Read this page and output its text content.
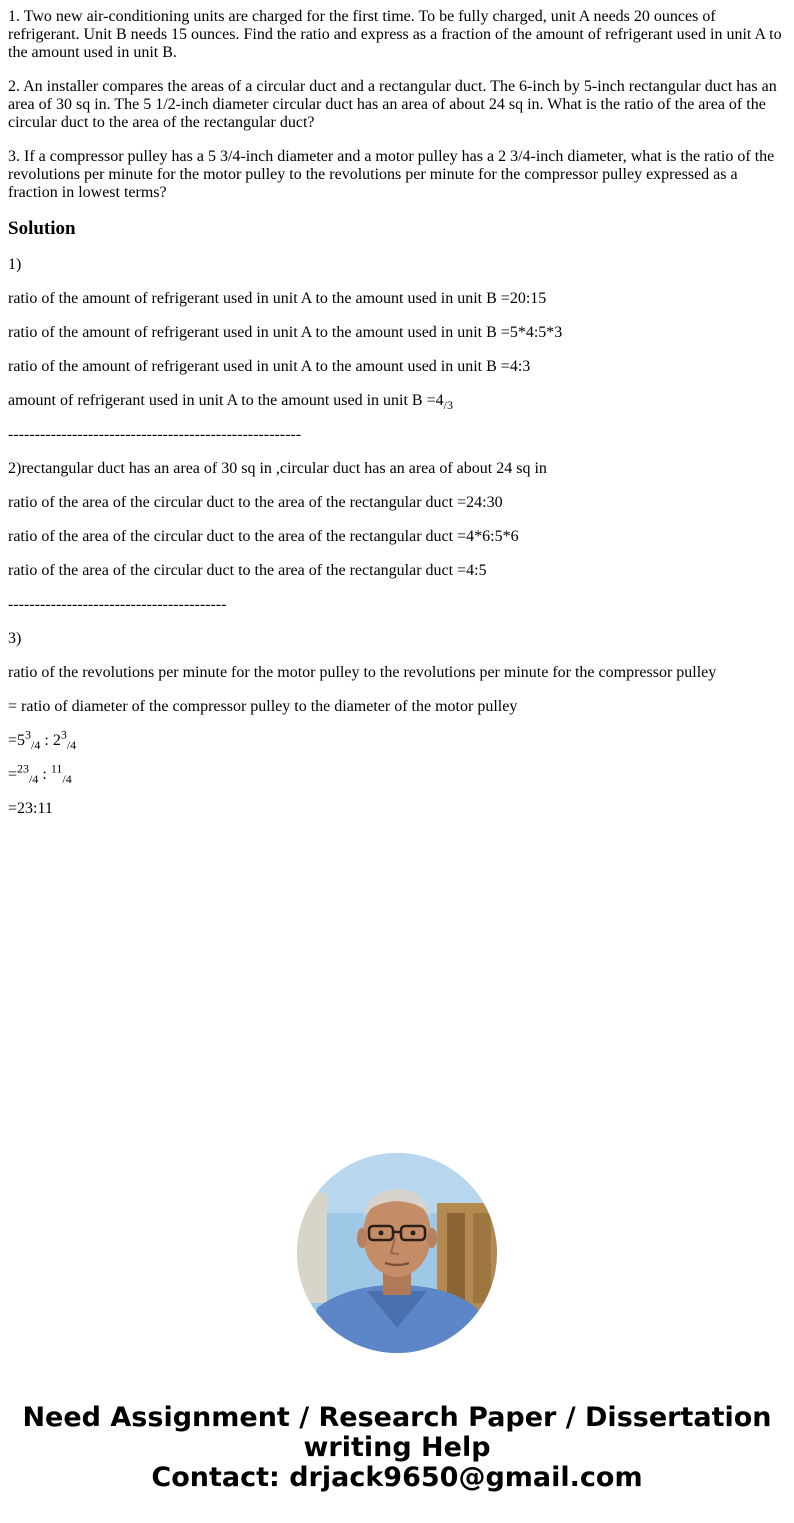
1. Two new air-conditioning units are charged for the first time. To be fully charged, unit A needs 20 ounces of refrigerant. Unit B needs 15 ounces. Find the ratio and express as a fraction of the amount of refrigerant used in unit A to the amount used in unit B.

2. An installer compares the areas of a circular duct and a rectangular duct. The 6-inch by 5-inch rectangular duct has an area of 30 sq in. The 5 1/2-inch diameter circular duct has an area of about 24 sq in. What is the ratio of the area of the circular duct to the area of the rectangular duct?

3. If a compressor pulley has a 5 3/4-inch diameter and a motor pulley has a 2 3/4-inch diameter, what is the ratio of the revolutions per minute for the motor pulley to the revolutions per minute for the compressor pulley expressed as a fraction in lowest terms?

Solution

1)

ratio of the amount of refrigerant used in unit A to the amount used in unit B =20:15

ratio of the amount of refrigerant used in unit A to the amount used in unit B =5*4:5*3

ratio of the amount of refrigerant used in unit A to the amount used in unit B =4:3

amount of refrigerant used in unit A to the amount used in unit $B =4_{/3}$

-------------------------------------------------------

2)rectangular duct has an area of 30 sq in ,circular duct has an area of about 24 sq in

ratio of the area of the circular duct to the area of the rectangular duct =24:30

ratio of the area of the circular duct to the area of the rectangular duct =4*6:5*6

ratio of the area of the circular duct to the area of the rectangular duct =4:5

-----------------------------------------

3)

ratio of the revolutions per minute for the motor pulley to the revolutions per minute for the compressor pulley

= ratio of diameter of the compressor pulley to the diameter of the motor pulley

$=5^3_{/4}$ : $2^3_{/4}$

=$^{23}_{/4}$ : $^{11}_{/4}$

=23:11

Need Assignment / Research Paper / Dissertation
writing Help
Contact: drjack9650@gmail.com
